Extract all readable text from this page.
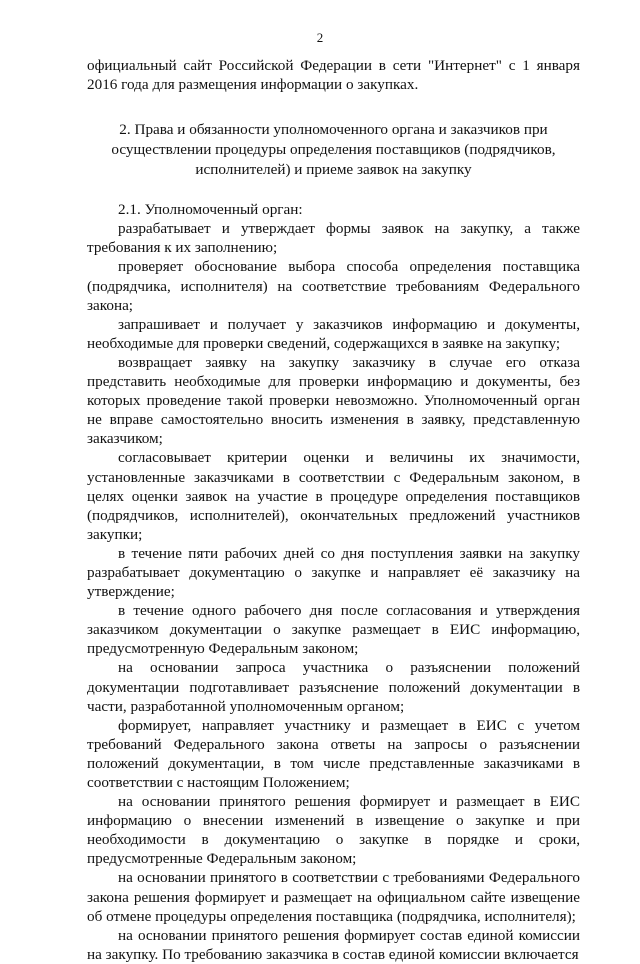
2

официальный сайт Российской Федерации в сети "Интернет" с 1 января 2016 года для размещения информации о закупках.

2. Права и обязанности уполномоченного органа и заказчиков при
осуществлении процедуры определения поставщиков (подрядчиков,
исполнителей) и приеме заявок на закупку

2.1. Уполномоченный орган:

разрабатывает и утверждает формы заявок на закупку, а также требования к их заполнению;

проверяет обоснование выбора способа определения поставщика (подрядчика, исполнителя) на соответствие требованиям Федерального закона;

запрашивает и получает у заказчиков информацию и документы, необходимые для проверки сведений, содержащихся в заявке на закупку;

возвращает заявку на закупку заказчику в случае его отказа представить необходимые для проверки информацию и документы, без которых проведение такой проверки невозможно. Уполномоченный орган не вправе самостоятельно вносить изменения в заявку, представленную заказчиком;

согласовывает критерии оценки и величины их значимости, установленные заказчиками в соответствии с Федеральным законом, в целях оценки заявок на участие в процедуре определения поставщиков (подрядчиков, исполнителей), окончательных предложений участников закупки;

в течение пяти рабочих дней со дня поступления заявки на закупку разрабатывает документацию о закупке и направляет её заказчику на утверждение;

в течение одного рабочего дня после согласования и утверждения заказчиком документации о закупке размещает в ЕИС информацию, предусмотренную Федеральным законом;

на основании запроса участника о разъяснении положений документации подготавливает разъяснение положений документации в части, разработанной уполномоченным органом;

формирует, направляет участнику и размещает в ЕИС с учетом требований Федерального закона ответы на запросы о разъяснении положений документации, в том числе представленные заказчиками в соответствии с настоящим Положением;

на основании принятого решения формирует и размещает в ЕИС информацию о внесении изменений в извещение о закупке и при необходимости в документацию о закупке в порядке и сроки, предусмотренные Федеральным законом;

на основании принятого в соответствии с требованиями Федерального закона решения формирует и размещает на официальном сайте извещение об отмене процедуры определения поставщика (подрядчика, исполнителя);

на основании принятого решения формирует состав единой комиссии на закупку. По требованию заказчика в состав единой комиссии включается
